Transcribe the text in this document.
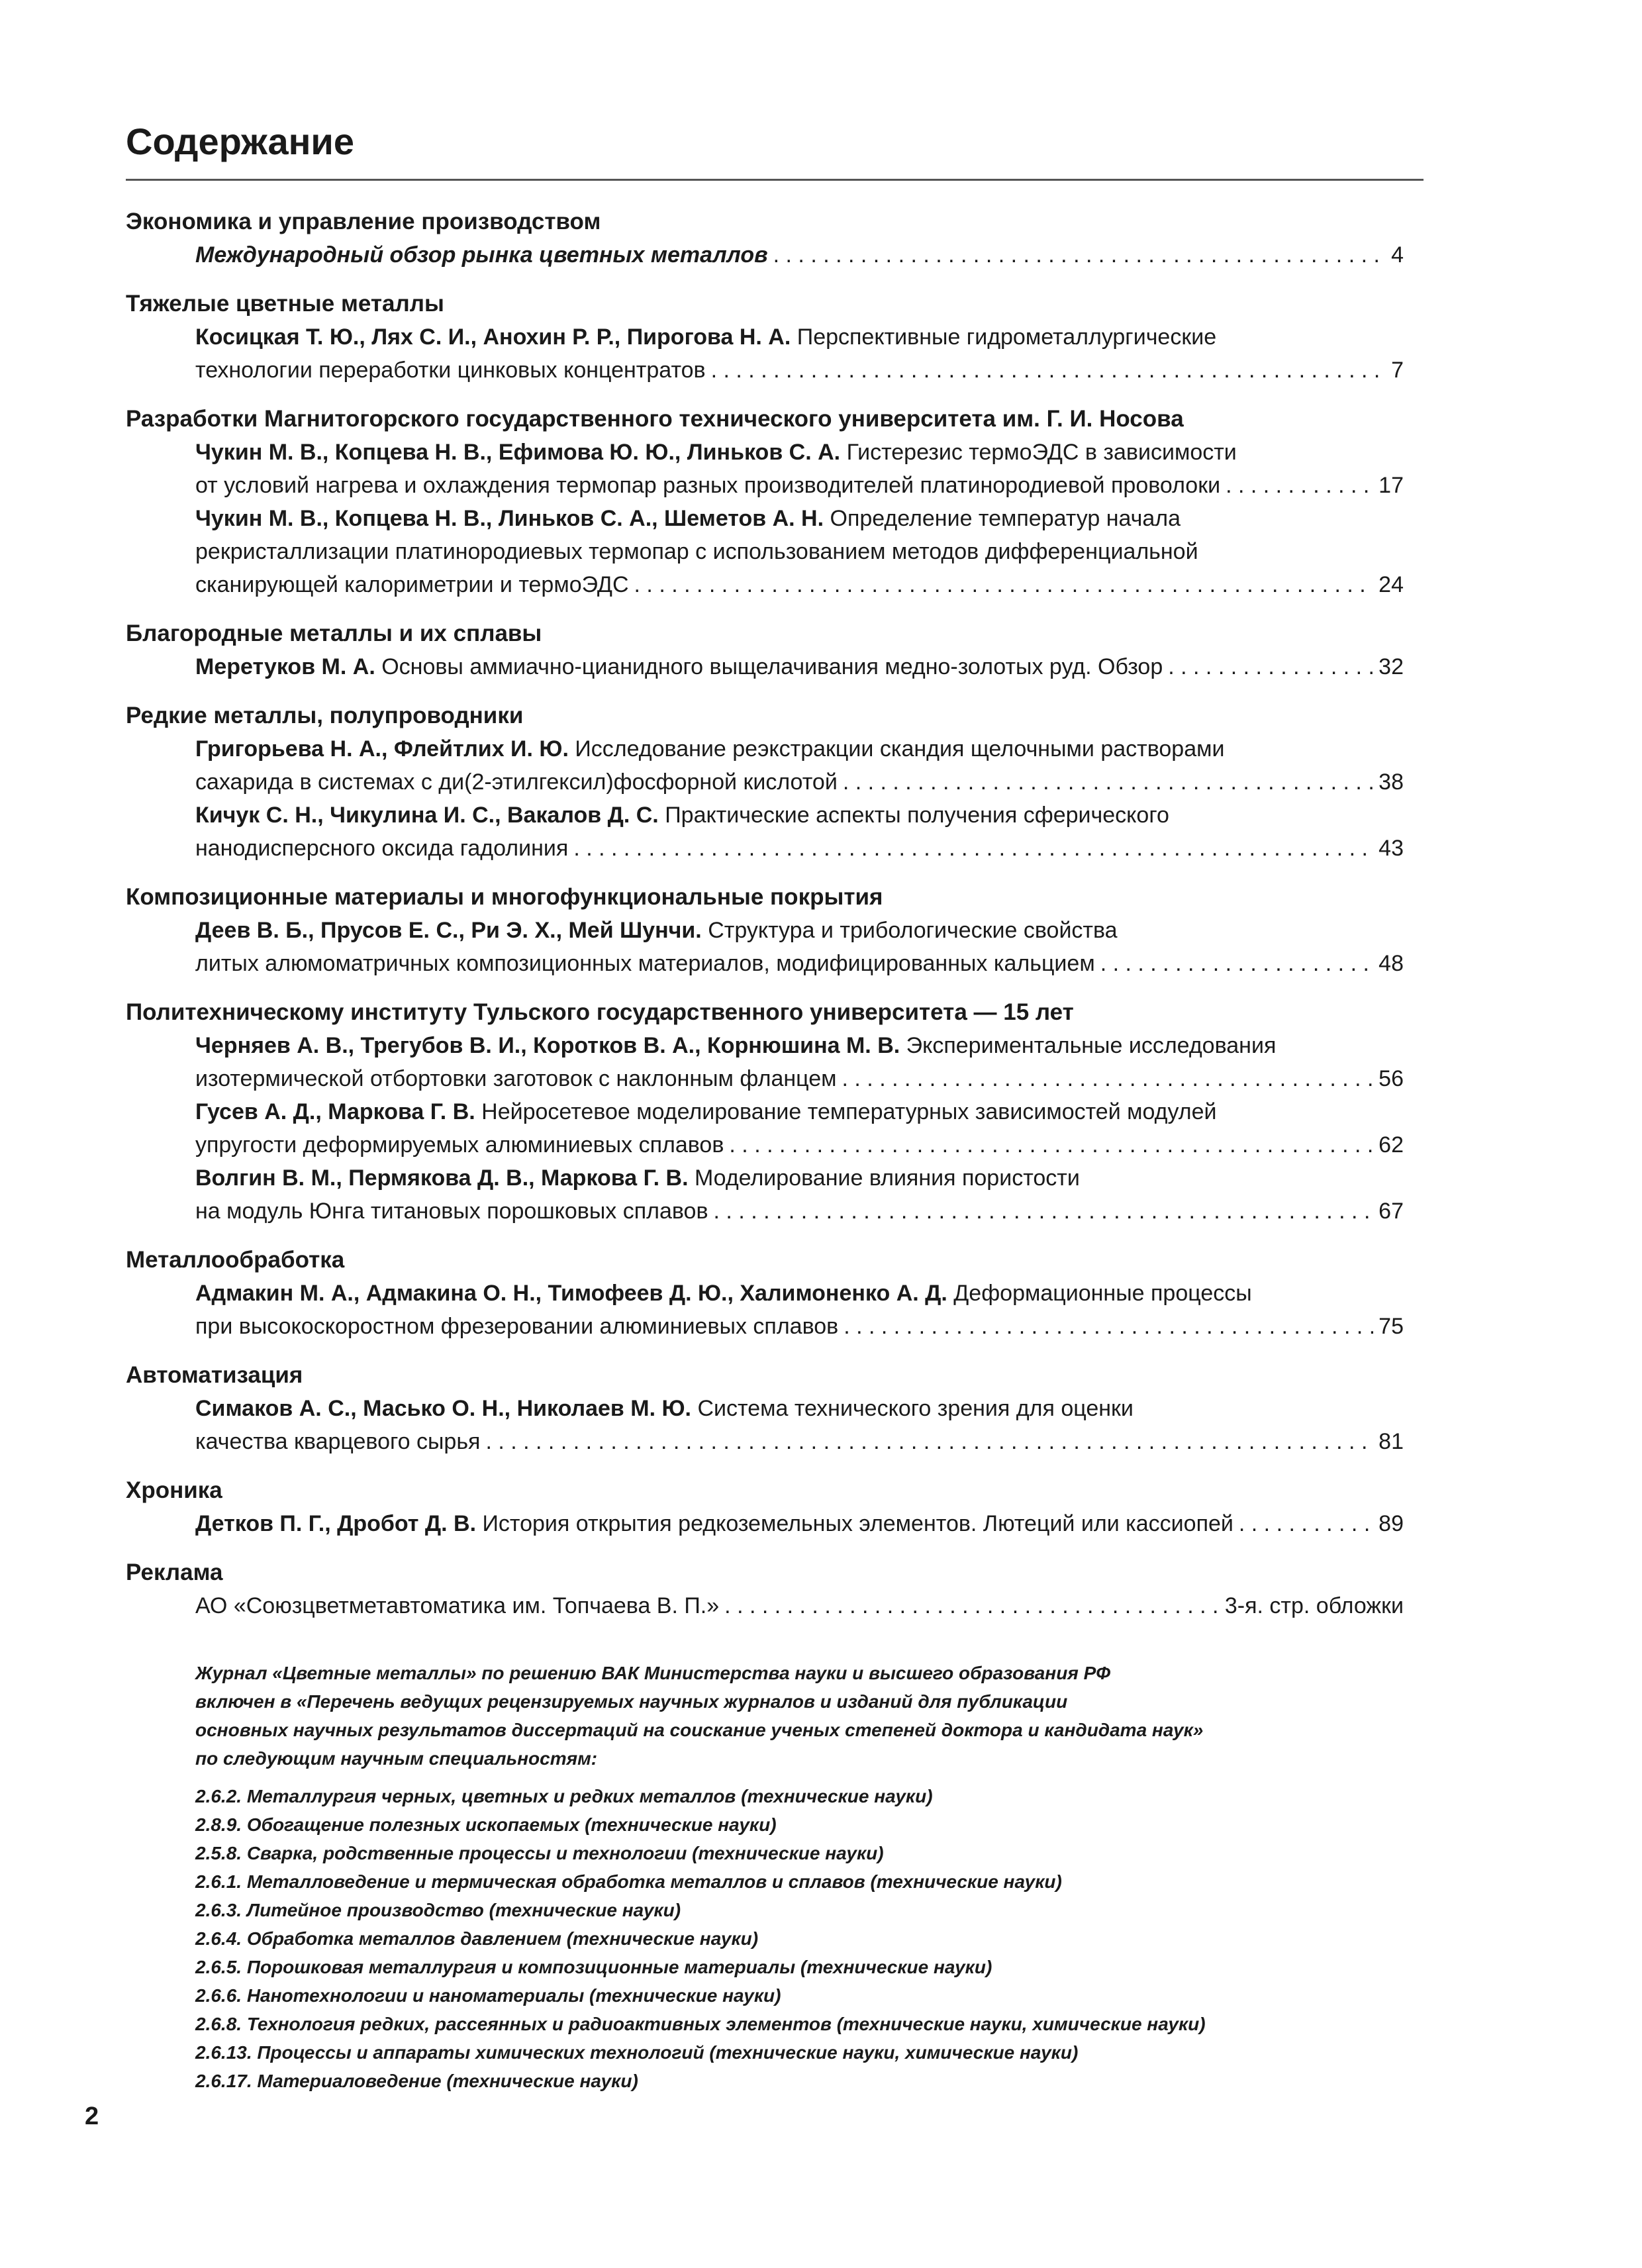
Содержание
Экономика и управление производством
Международный обзор рынка цветных металлов . . .	4
Тяжелые цветные металлы
Косицкая Т. Ю., Лях С. И., Анохин Р. Р., Пирогова Н. А. Перспективные гидрометаллургические
технологии переработки цинковых концентратов . . .	7
Разработки Магнитогорского государственного технического университета им. Г. И. Носова
Чукин М. В., Копцева Н. В., Ефимова Ю. Ю., Линьков С. А. Гистерезис термоЭДС в зависимости
от условий нагрева и охлаждения термопар разных производителей платинородиевой проволоки . . .	17
Чукин М. В., Копцева Н. В., Линьков С. А., Шеметов А. Н. Определение температур начала
рекристаллизации платинородиевых термопар с использованием методов дифференциальной
сканирующей калориметрии и термоЭДС . . .	24
Благородные металлы и их сплавы
Меретуков М. А. Основы аммиачно-цианидного выщелачивания медно-золотых руд. Обзор . . .	32
Редкие металлы, полупроводники
Григорьева Н. А., Флейтлих И. Ю. Исследование реэкстракции скандия щелочными растворами
сахарида в системах с ди(2-этилгексил)фосфорной кислотой . . .	38
Кичук С. Н., Чикулина И. С., Вакалов Д. С. Практические аспекты получения сферического
нанодисперсного оксида гадолиния . . .	43
Композиционные материалы и многофункциональные покрытия
Деев В. Б., Прусов Е. С., Ри Э. Х., Мей Шунчи. Структура и трибологические свойства
литых алюмоматричных композиционных материалов, модифицированных кальцием . . .	48
Политехническому институту Тульского государственного университета — 15 лет
Черняев А. В., Трегубов В. И., Коротков В. А., Корнюшина М. В. Экспериментальные исследования
изотермической отбортовки заготовок с наклонным фланцем . . .	56
Гусев А. Д., Маркова Г. В. Нейросетевое моделирование температурных зависимостей модулей
упругости деформируемых алюминиевых сплавов . . .	62
Волгин В. М., Пермякова Д. В., Маркова Г. В. Моделирование влияния пористости
на модуль Юнга титановых порошковых сплавов . . .	67
Металлообработка
Адмакин М. А., Адмакина О. Н., Тимофеев Д. Ю., Халимоненко А. Д. Деформационные процессы
при высокоскоростном фрезеровании алюминиевых сплавов . . .	75
Автоматизация
Симаков А. С., Масько О. Н., Николаев М. Ю. Система технического зрения для оценки
качества кварцевого сырья . . .	81
Хроника
Детков П. Г., Дробот Д. В. История открытия редкоземельных элементов. Лютеций или кассиопей . . .	89
Реклама
АО «Союзцветметавтоматика им. Топчаева В. П.» . . .	3-я. стр. обложки
Журнал «Цветные металлы» по решению ВАК Министерства науки и высшего образования РФ
включен в «Перечень ведущих рецензируемых научных журналов и изданий для публикации
основных научных результатов диссертаций на соискание ученых степеней доктора и кандидата наук»
по следующим научным специальностям:
2.6.2. Металлургия черных, цветных и редких металлов (технические науки)
2.8.9. Обогащение полезных ископаемых (технические науки)
2.5.8. Сварка, родственные процессы и технологии (технические науки)
2.6.1. Металловедение и термическая обработка металлов и сплавов (технические науки)
2.6.3. Литейное производство (технические науки)
2.6.4. Обработка металлов давлением (технические науки)
2.6.5. Порошковая металлургия и композиционные материалы (технические науки)
2.6.6. Нанотехнологии и наноматериалы (технические науки)
2.6.8. Технология редких, рассеянных и радиоактивных элементов (технические науки, химические науки)
2.6.13. Процессы и аппараты химических технологий (технические науки, химические науки)
2.6.17. Материаловедение (технические науки)
2
